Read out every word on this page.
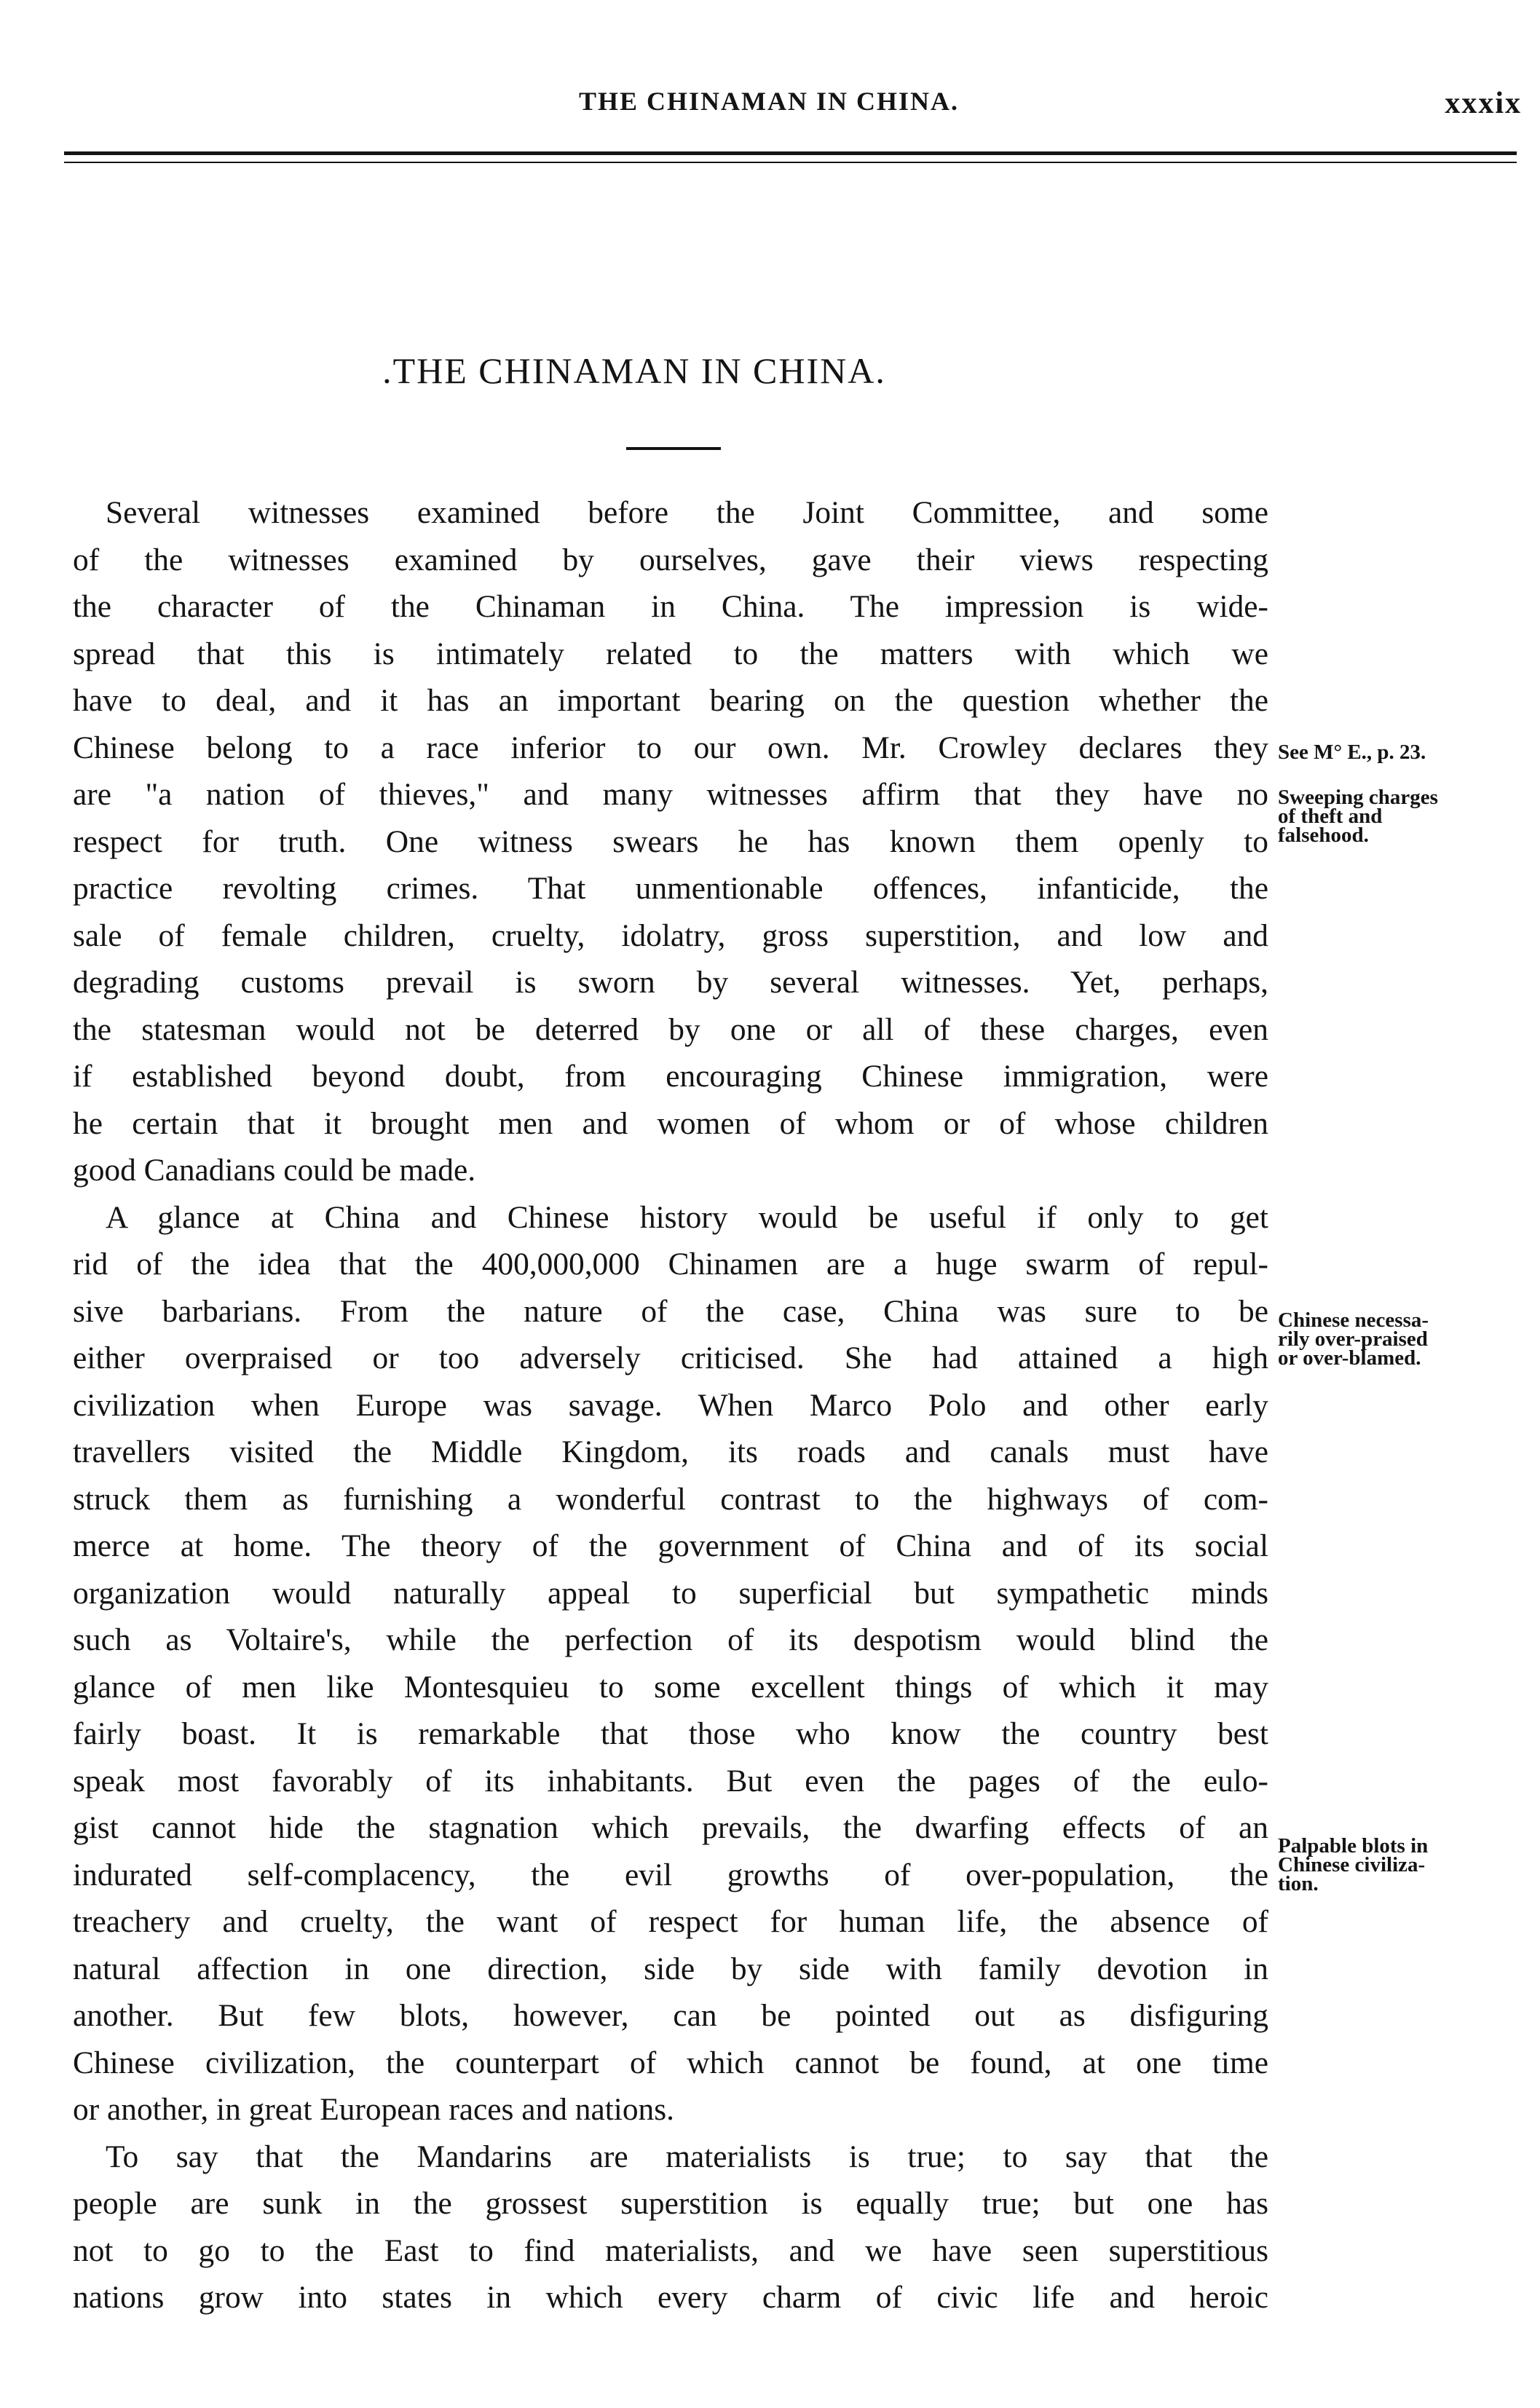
THE CHINAMAN IN CHINA.	xxxix
.THE CHINAMAN IN CHINA.
Several witnesses examined before the Joint Committee, and some
of the witnesses examined by ourselves, gave their views respecting
the character of the Chinaman in China. The impression is wide-
spread that this is intimately related to the matters with which we
have to deal, and it has an important bearing on the question whether the
Chinese belong to a race inferior to our own. Mr. Crowley declares they
are "a nation of thieves," and many witnesses affirm that they have no
respect for truth. One witness swears he has known them openly to
practice revolting crimes. That unmentionable offences, infanticide, the
sale of female children, cruelty, idolatry, gross superstition, and low and
degrading customs prevail is sworn by several witnesses. Yet, perhaps,
the statesman would not be deterred by one or all of these charges, even
if established beyond doubt, from encouraging Chinese immigration, were
he certain that it brought men and women of whom or of whose children
good Canadians could be made.
A glance at China and Chinese history would be useful if only to get
rid of the idea that the 400,000,000 Chinamen are a huge swarm of repul-
sive barbarians. From the nature of the case, China was sure to be
either overpraised or too adversely criticised. She had attained a high
civilization when Europe was savage. When Marco Polo and other early
travellers visited the Middle Kingdom, its roads and canals must have
struck them as furnishing a wonderful contrast to the highways of com-
merce at home. The theory of the government of China and of its social
organization would naturally appeal to superficial but sympathetic minds
such as Voltaire's, while the perfection of its despotism would blind the
glance of men like Montesquieu to some excellent things of which it may
fairly boast. It is remarkable that those who know the country best
speak most favorably of its inhabitants. But even the pages of the eulo-
gist cannot hide the stagnation which prevails, the dwarfing effects of an
indurated self-complacency, the evil growths of over-population, the
treachery and cruelty, the want of respect for human life, the absence of
natural affection in one direction, side by side with family devotion in
another. But few blots, however, can be pointed out as disfiguring
Chinese civilization, the counterpart of which cannot be found, at one time
or another, in great European races and nations.
To say that the Mandarins are materialists is true; to say that the
people are sunk in the grossest superstition is equally true; but one has
not to go to the East to find materialists, and we have seen superstitious
nations grow into states in which every charm of civic life and heroic
See M° E., p. 23.
Sweeping charges
of theft and
falsehood.
Chinese necessa-
rily over-praised
or over-blamed.
Palpable blots in
Chinese civiliza-
tion.
